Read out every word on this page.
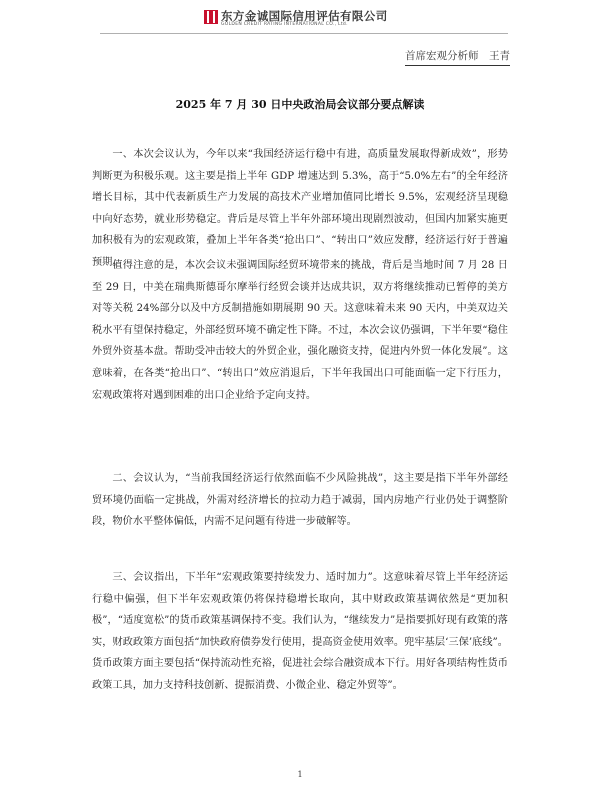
东方金诚国际信用评估有限公司
GOLDEN CREDIT RATING INTERNATIONAL CO., Ltd.
首席宏观分析师　王青
2025 年 7 月 30 日中央政治局会议部分要点解读
一、本次会议认为，今年以来“我国经济运行稳中有进，高质量发展取得新成效”，形势判断更为积极乐观。这主要是指上半年 GDP 增速达到 5.3%，高于“5.0%左右”的全年经济增长目标，其中代表新质生产力发展的高技术产业增加值同比增长 9.5%，宏观经济呈现稳中向好态势，就业形势稳定。背后是尽管上半年外部环境出现剧烈波动，但国内加紧实施更加积极有为的宏观政策，叠加上半年各类“抢出口”、“转出口”效应发酵，经济运行好于普遍预期。
值得注意的是，本次会议未强调国际经贸环境带来的挑战，背后是当地时间 7 月 28 日至 29 日，中美在瑞典斯德哥尔摩举行经贸会谈并达成共识，双方将继续推动已暂停的美方对等关税 24%部分以及中方反制措施如期展期 90 天。这意味着未来 90 天内，中美双边关税水平有望保持稳定，外部经贸环境不确定性下降。不过，本次会议仍强调，下半年要“稳住外贸外资基本盘。帮助受冲击较大的外贸企业，强化融资支持，促进内外贸一体化发展”。这意味着，在各类“抢出口”、“转出口”效应消退后，下半年我国出口可能面临一定下行压力，宏观政策将对遇到困难的出口企业给予定向支持。
二、会议认为，“当前我国经济运行依然面临不少风险挑战”，这主要是指下半年外部经贸环境仍面临一定挑战，外需对经济增长的拉动力趋于减弱，国内房地产行业仍处于调整阶段，物价水平整体偏低，内需不足问题有待进一步破解等。
三、会议指出，下半年“宏观政策要持续发力、适时加力”。这意味着尽管上半年经济运行稳中偏强，但下半年宏观政策仍将保持稳增长取向，其中财政政策基调依然是“更加积极”，“适度宽松”的货币政策基调保持不变。我们认为，“继续发力”是指要抓好现有政策的落实，财政政策方面包括“加快政府债券发行使用，提高资金使用效率。兜牢基层‘三保’底线”。货币政策方面主要包括“保持流动性充裕，促进社会综合融资成本下行。用好各项结构性货币政策工具，加力支持科技创新、提振消费、小微企业、稳定外贸等”。
1
